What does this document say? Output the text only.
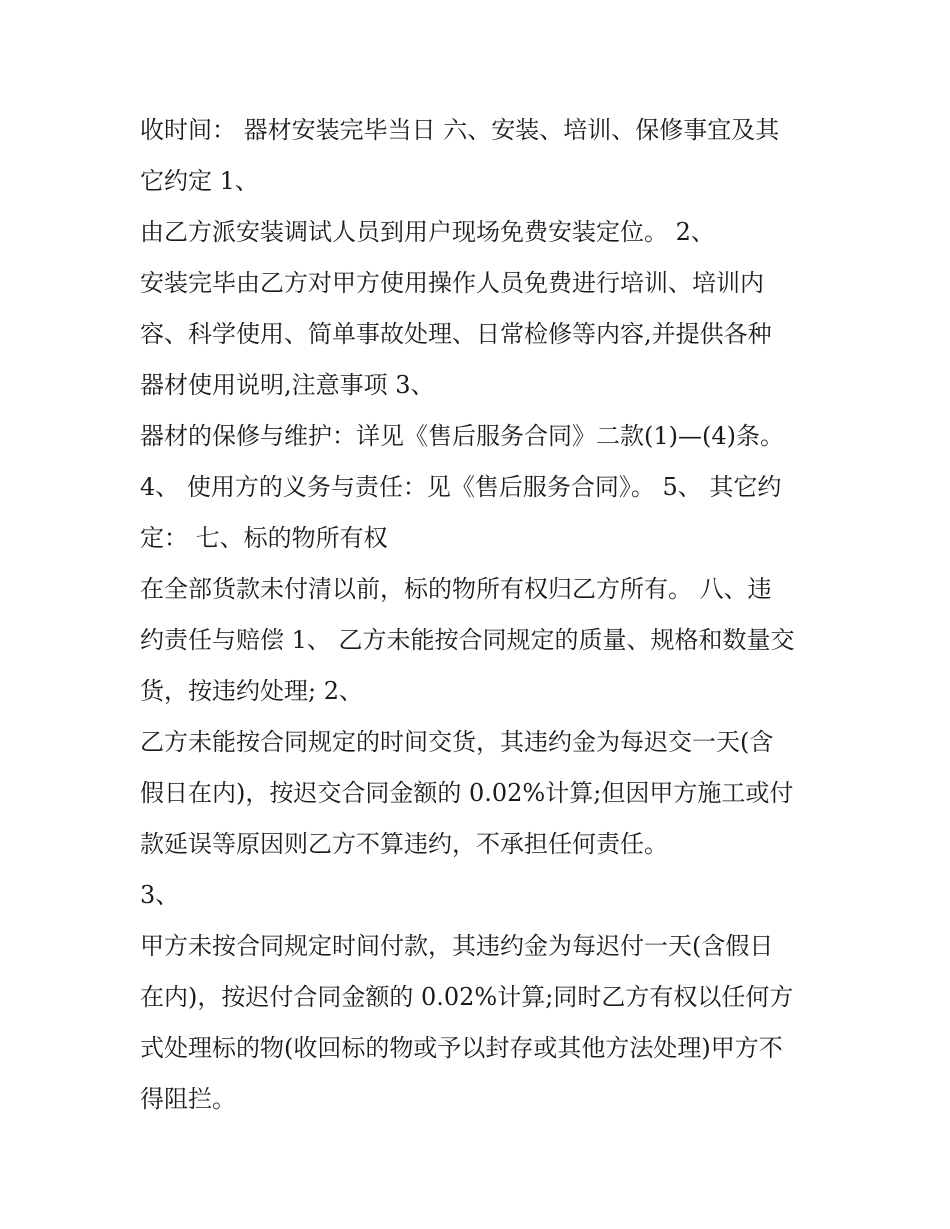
收时间： 器材安装完毕当日 六、安装、培训、保修事宜及其
它约定 1、
由乙方派安装调试人员到用户现场免费安装定位。 2、
安装完毕由乙方对甲方使用操作人员免费进行培训、培训内
容、科学使用、简单事故处理、日常检修等内容,并提供各种
器材使用说明,注意事项 3、
器材的保修与维护：详见《售后服务合同》二款(1)—(4)条。
4、 使用方的义务与责任：见《售后服务合同》。 5、 其它约
定： 七、标的物所有权
在全部货款未付清以前，标的物所有权归乙方所有。 八、违
约责任与赔偿 1、 乙方未能按合同规定的质量、规格和数量交
货，按违约处理; 2、
乙方未能按合同规定的时间交货，其违约金为每迟交一天(含
假日在内)，按迟交合同金额的 0.02%计算;但因甲方施工或付
款延误等原因则乙方不算违约，不承担任何责任。
3、
甲方未按合同规定时间付款，其违约金为每迟付一天(含假日
在内)，按迟付合同金额的 0.02%计算;同时乙方有权以任何方
式处理标的物(收回标的物或予以封存或其他方法处理)甲方不
得阻拦。
